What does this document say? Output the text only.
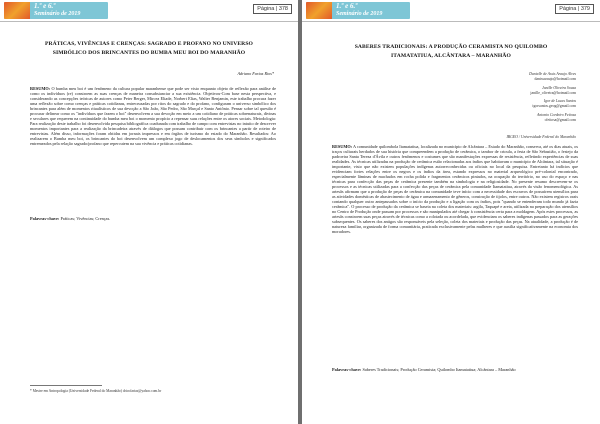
1.º e 6.º
Seminário de 2019
Página | 378
PRÁTICAS, VIVÊNCIAS E CRENÇAS: SAGRADO E PROFANO NO UNIVERSO SIMBÓLICO DOS BRINCANTES DO BUMBA MEU BOI DO MARANHÃO
Adriano Farias Rios*

RESUMO: O bumba meu boi é um fenômeno da cultura popular maranhense que pode ser visto enquanto objeto de reflexão para análise de como os indivíduos (re) constroem as suas crenças de maneira consubstanciar a sua existência. Objetivou-Com base nesta perspectiva, e considerando as concepções teóricas de autores como Peter Berger, Mircea Eliade, Norbert Elias, Walter Benjamin, este trabalho procura fazer uma reflexão sobre como crenças e práticas cotidianas, entrecruzadas por ritos do sagrado e do profano, configuram o universo simbólico dos brincantes para além de momentos ritualísticos de sua devoção a São João, São Pedro, São Marçal e Santo Antônio. Pensar sobre tal questão é procurar delinear como os "indivíduos que fazem o boi" desenvolvem a sua devoção em meio a um cotidiano de práticas sobrenaturais, divinas e seculares que requerem na continuidade do bumba meu boi o momento propício a repensar suas relações entre os atores sociais. Metodologia: Para realização deste trabalho foi desenvolvida pesquisa bibliográfica coadunada com trabalho de campo com entrevistas no intuito de descrever momentos importantes para a realização da brincadeira através de diálogos que possam contribuir com os brincantes a partir de roteiro de entrevistas. Além disso, informações foram obtidas em jornais impressos e em órgãos de turismo do estado do Maranhão. Resultados: Ao realizarem o Bumba meu boi, os brincantes do boi desenvolvem um complexo jogo de deslocamentos dos seus símbolos e significados entremeados pela relação sagrado/profano que repercutem na sua vivência e práticas cotidianas.

Palavras-chave: Práticas; Vivências; Crenças.

* Mestre em Antropologia (Universidade Federal do Maranhão) driocfarias@yahoo.com.br
1.º e 6.º
Seminário de 2019
Página | 379
SABERES TRADICIONAIS: A PRODUÇÃO CERAMISTA NO QUILOMBO ITAMATATIUA, ALCÂNTARA – MARANHÃO
Danielle de Assis Araujo Alves
danissaraujo@hotmail.com
Janille Oliveira Sousa
janille_oliveira@hotmail.com
Igor de Lucas Santos
igorsantos.geog@gmail.com
Antonio Cordeiro Feitosa
cfeitosa@gmail.com
IBGEO / Universidade Federal do Maranhão

RESUMO: A comunidade quilombola Itamatatiua, localizada no município de Alcântara – Estado do Maranhão, conserva, até os dias atuais, os traços culturais herdados de sua história que compreendem a produção de cerâmica, o tambor de crioula, a festa de São Sebastião, o festejo da padroeira Santa Tereza d'Ávila e outros fenômenos e costumes que são manifestações expressas de resistência, refletindo experiências de suas realidades. As técnicas utilizadas na produção de cerâmica estão relacionadas aos índios que habitavam o município de Alcântara, tal situação é importante, visto que não existem populações indígenas autorreconhecidas ou oficiais no local da pesquisa. Entretanto há indícios que evidenciam fortes relações entre os negros e os índios da área, estando expressos no material arqueológico pré-colonial encontrado, especialmente lâminas de machados em rocha polida e fragmentos cerâmicos pintados, na ocupação do território, no uso do espaço e nas técnicas para confecção das peças de cerâmica presente também na simbologia e na religiosidade. No presente resumo descrevem-se os processos e as técnicas utilizadas para a confecção das peças de cerâmica pela comunidade Itamatatiua, através da visão fenomenológica. As artesãs afirmam que a produção de peças de cerâmica na comunidade teve início com a necessidade dos escravos de possuírem utensílios para as atividades domésticas de abastecimento de água e armazenamento de gêneros, construção de tijolos, entre outros. Não existem registros orais contando qualquer outro antepassados sobre o início da produção e a ligação com os índios, pois "quando se entenderam todo mundo já fazia cerâmica". O processo de produção da cerâmica se baseia na coleta dos materiais: argila, Taquapé e areia, utilizada na preparação dos utensílios no Centro de Produção onde passam por processos e são manipulados até chegar à consistência certa para a moldagem. Após estes processos, as artesãs constroem suas peças através de técnicas como a rolotada ou acordelada, que evidenciam os saberes indígenas passados para as gerações subsequentes. Os saberes dos antigos são responsáveis pela seleção, coleta dos materiais e produção das peças. Na atualidade, a produção é de natureza familiar, organizada de forma comunitária, praticada exclusivamente pelas mulheres e que auxilia significativamente na economia dos moradores.

Palavras-chave: Saberes Tradicionais; Produção Ceramista; Quilombo Itamatatiua; Alcântara – Maranhão
